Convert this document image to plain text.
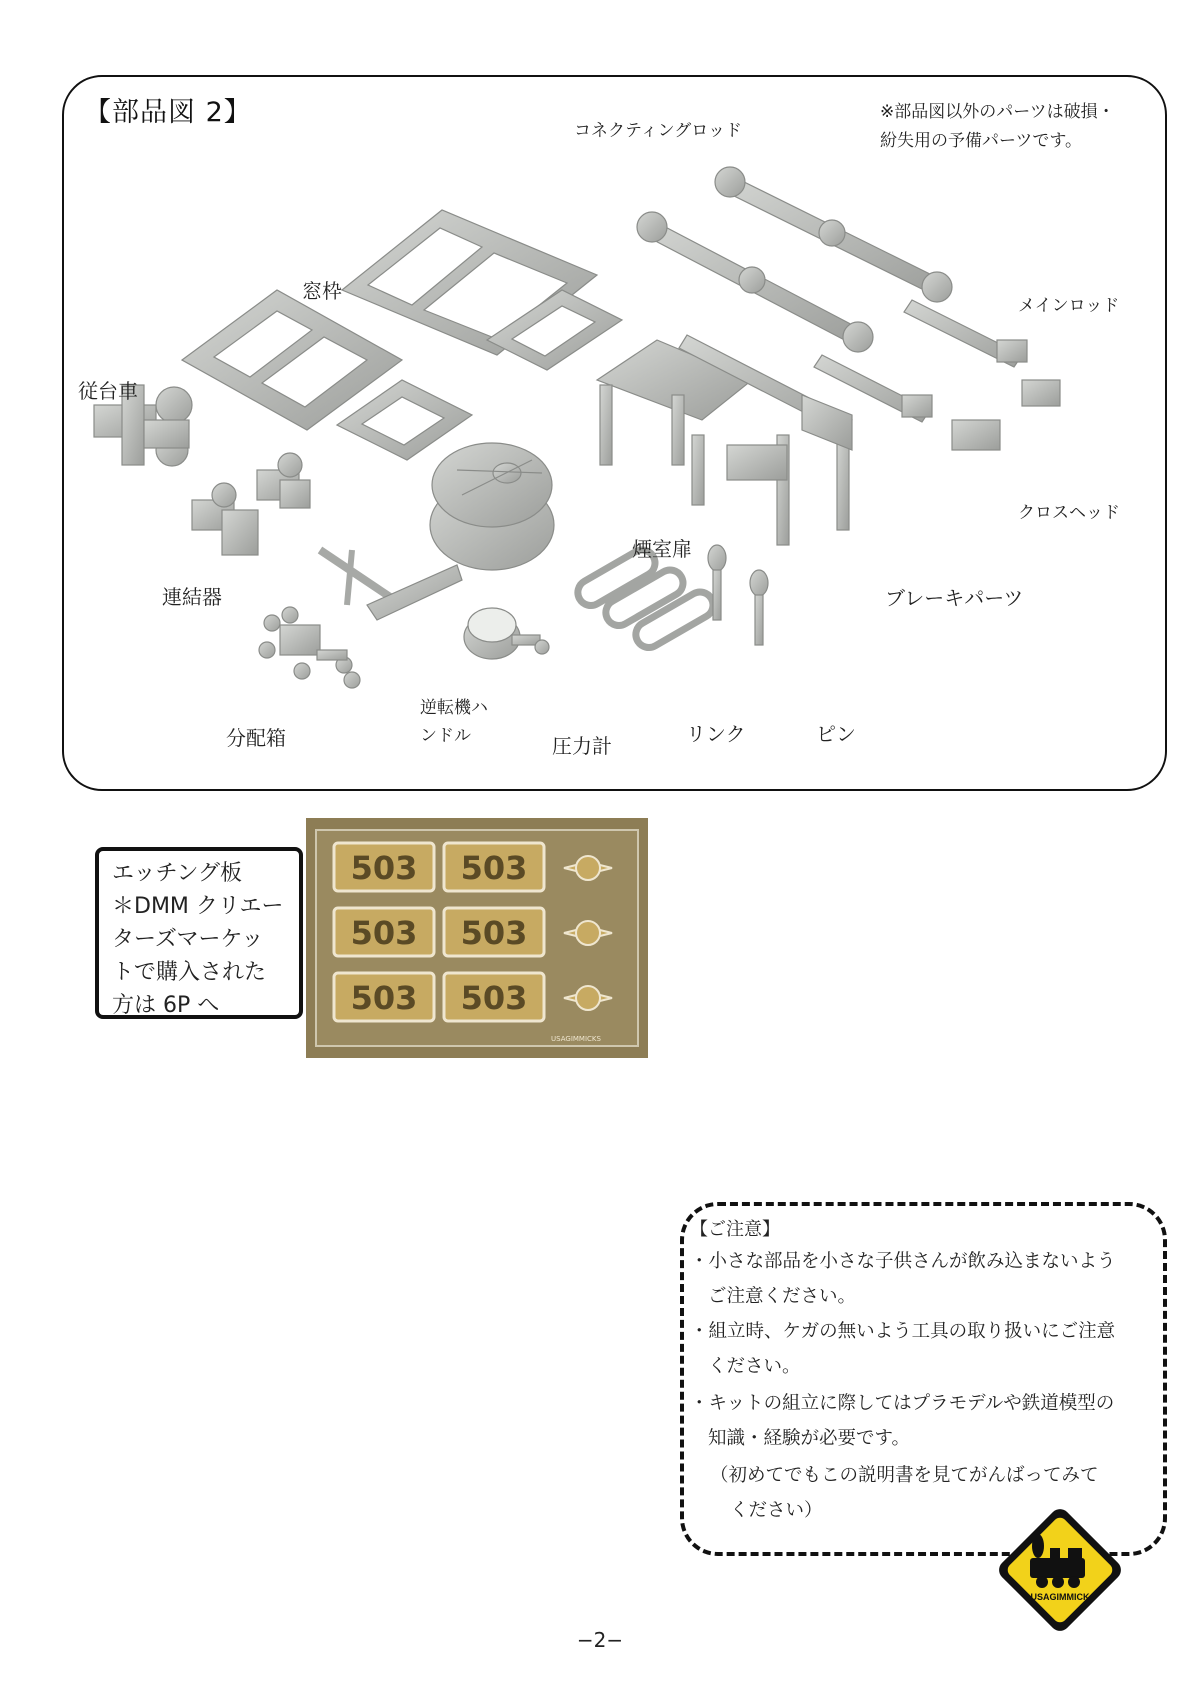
【部品図 2】	※部品図以外のパーツは破損・
紛失用の予備パーツです。
コネクティングロッド
窓枠
メインロッド
従台車
クロスヘッド
煙室扉
連結器	ブレーキパーツ
逆転機ハ
ンドル
分配箱	圧力計	リンク	ピン
エッチング板
＊DMM クリエー
ターズマーケッ
トで購入された
方は 6P へ
503 503
503 503
503 503
USAGIMMICKS
【ご注意】
・小さな部品を小さな子供さんが飲み込まないよう
ご注意ください。
・組立時、ケガの無いよう工具の取り扱いにご注意
ください。
・キットの組立に際してはプラモデルや鉄道模型の
知識・経験が必要です。
（初めてでもこの説明書を見てがんばってみて
ください）
USAGIMMICK
−2−
